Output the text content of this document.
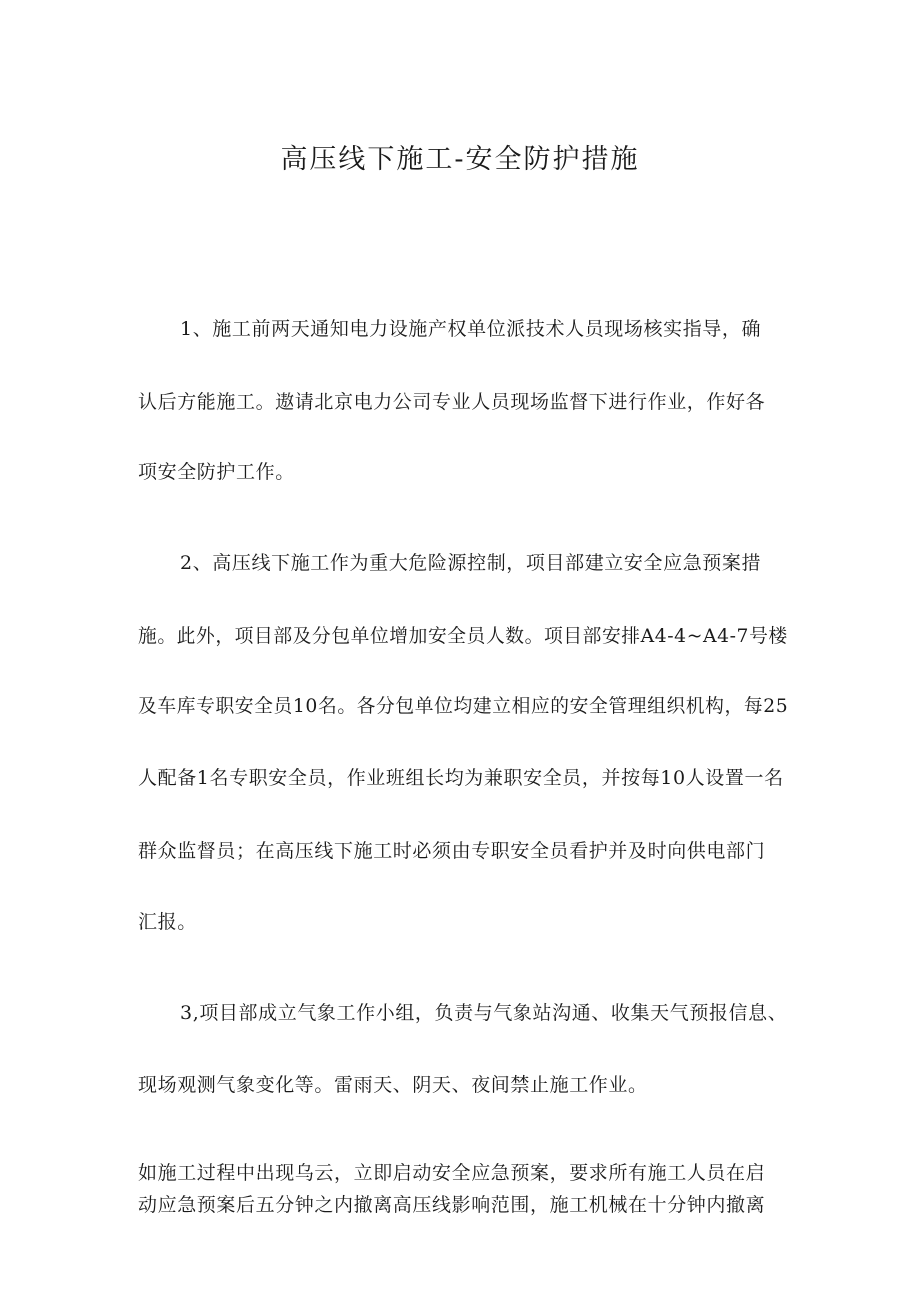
高压线下施工-安全防护措施
1、施工前两天通知电力设施产权单位派技术人员现场核实指导，确
认后方能施工。遨请北京电力公司专业人员现场监督下进行作业，作好各
项安全防护工作。
2、高压线下施工作为重大危险源控制，项目部建立安全应急预案措
施。此外，项目部及分包单位增加安全员人数。项目部安排A4-4~A4-7号楼
及车库专职安全员10名。各分包单位均建立相应的安全管理组织机构，每25
人配备1名专职安全员，作业班组长均为兼职安全员，并按每10人设置一名
群众监督员；在高压线下施工时必须由专职安全员看护并及时向供电部门
汇报。
3,项目部成立气象工作小组，负责与气象站沟通、收集天气预报信息、
现场观测气象变化等。雷雨天、阴天、夜间禁止施工作业。
如施工过程中出现乌云，立即启动安全应急预案，要求所有施工人员在启
动应急预案后五分钟之内撤离高压线影响范围，施工机械在十分钟内撤离
